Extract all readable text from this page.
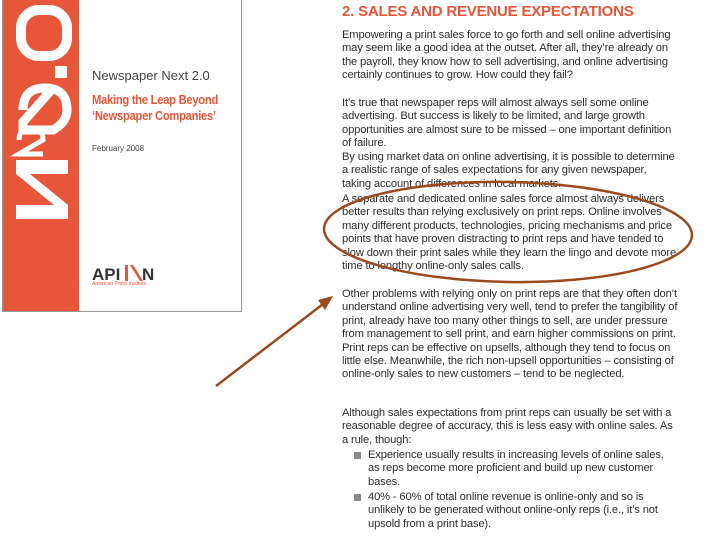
Newspaper Next 2.0
Making the Leap Beyond
‘Newspaper Companies’
February 2008
API N
American Press Institute
2. SALES AND REVENUE EXPECTATIONS
Empowering a print sales force to go forth and sell online advertising may seem like a good idea at the outset. After all, they’re already on the payroll, they know how to sell advertising, and online advertising certainly continues to grow. How could they fail?
It’s true that newspaper reps will almost always sell some online advertising. But success is likely to be limited, and large growth opportunities are almost sure to be missed – one important definition of failure.
By using market data on online advertising, it is possible to determine a realistic range of sales expectations for any given newspaper, taking account of differences in local markets.
A separate and dedicated online sales force almost always delivers better results than relying exclusively on print reps. Online involves many different products, technologies, pricing mechanisms and price points that have proven distracting to print reps and have tended to slow down their print sales while they learn the lingo and devote more time to lengthy online-only sales calls.
Other problems with relying only on print reps are that they often don’t understand online advertising very well, tend to prefer the tangibility of print, already have too many other things to sell, are under pressure from management to sell print, and earn higher commissions on print. Print reps can be effective on upsells, although they tend to focus on little else. Meanwhile, the rich non-upsell opportunities – consisting of online-only sales to new customers – tend to be neglected.
Although sales expectations from print reps can usually be set with a reasonable degree of accuracy, this is less easy with online sales. As a rule, though:
Experience usually results in increasing levels of online sales, as reps become more proficient and build up new customer bases.
40% - 60% of total online revenue is online-only and so is unlikely to be generated without online-only reps (i.e., it’s not upsold from a print base).
